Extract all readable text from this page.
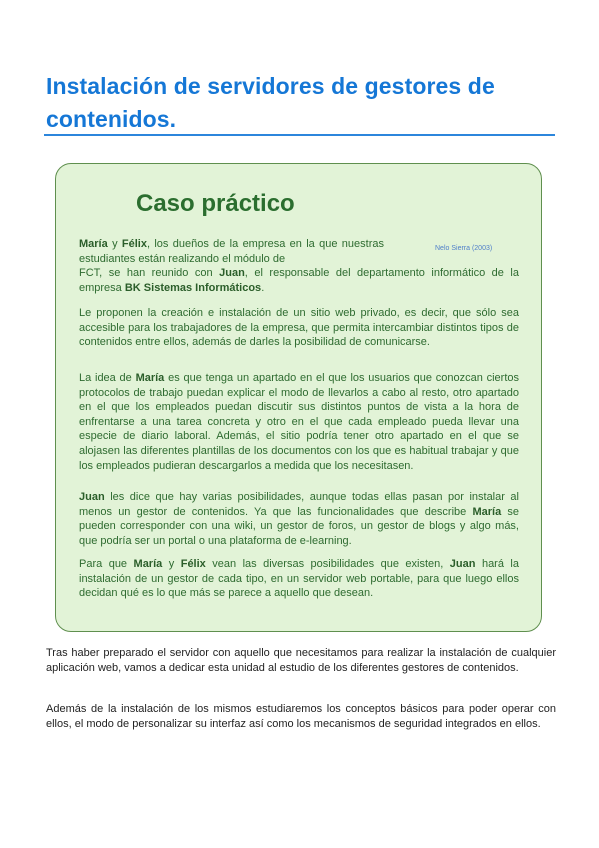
Instalación de servidores de gestores de contenidos.
Caso práctico
Nelo Sierra (2003)

María y Félix, los dueños de la empresa en la que nuestras estudiantes están realizando el módulo de
FCT, se han reunido con Juan, el responsable del departamento informático de la empresa BK Sistemas Informáticos.

Le proponen la creación e instalación de un sitio web privado, es decir, que sólo sea accesible para los trabajadores de la empresa, que permita intercambiar distintos tipos de contenidos entre ellos, además de darles la posibilidad de comunicarse.

La idea de María es que tenga un apartado en el que los usuarios que conozcan ciertos protocolos de trabajo puedan explicar el modo de llevarlos a cabo al resto, otro apartado en el que los empleados puedan discutir sus distintos puntos de vista a la hora de enfrentarse a una tarea concreta y otro en el que cada empleado pueda llevar una especie de diario laboral. Además, el sitio podría tener otro apartado en el que se alojasen las diferentes plantillas de los documentos con los que es habitual trabajar y que los empleados pudieran descargarlos a medida que los necesitasen.

Juan les dice que hay varias posibilidades, aunque todas ellas pasan por instalar al menos un gestor de contenidos. Ya que las funcionalidades que describe María se pueden corresponder con una wiki, un gestor de foros, un gestor de blogs y algo más, que podría ser un portal o una plataforma de e-learning.

Para que María y Félix vean las diversas posibilidades que existen, Juan hará la instalación de un gestor de cada tipo, en un servidor web portable, para que luego ellos decidan qué es lo que más se parece a aquello que desean.

Tras haber preparado el servidor con aquello que necesitamos para realizar la instalación de cualquier aplicación web, vamos a dedicar esta unidad al estudio de los diferentes gestores de contenidos.

Además de la instalación de los mismos estudiaremos los conceptos básicos para poder operar con ellos, el modo de personalizar su interfaz así como los mecanismos de seguridad integrados en ellos.
